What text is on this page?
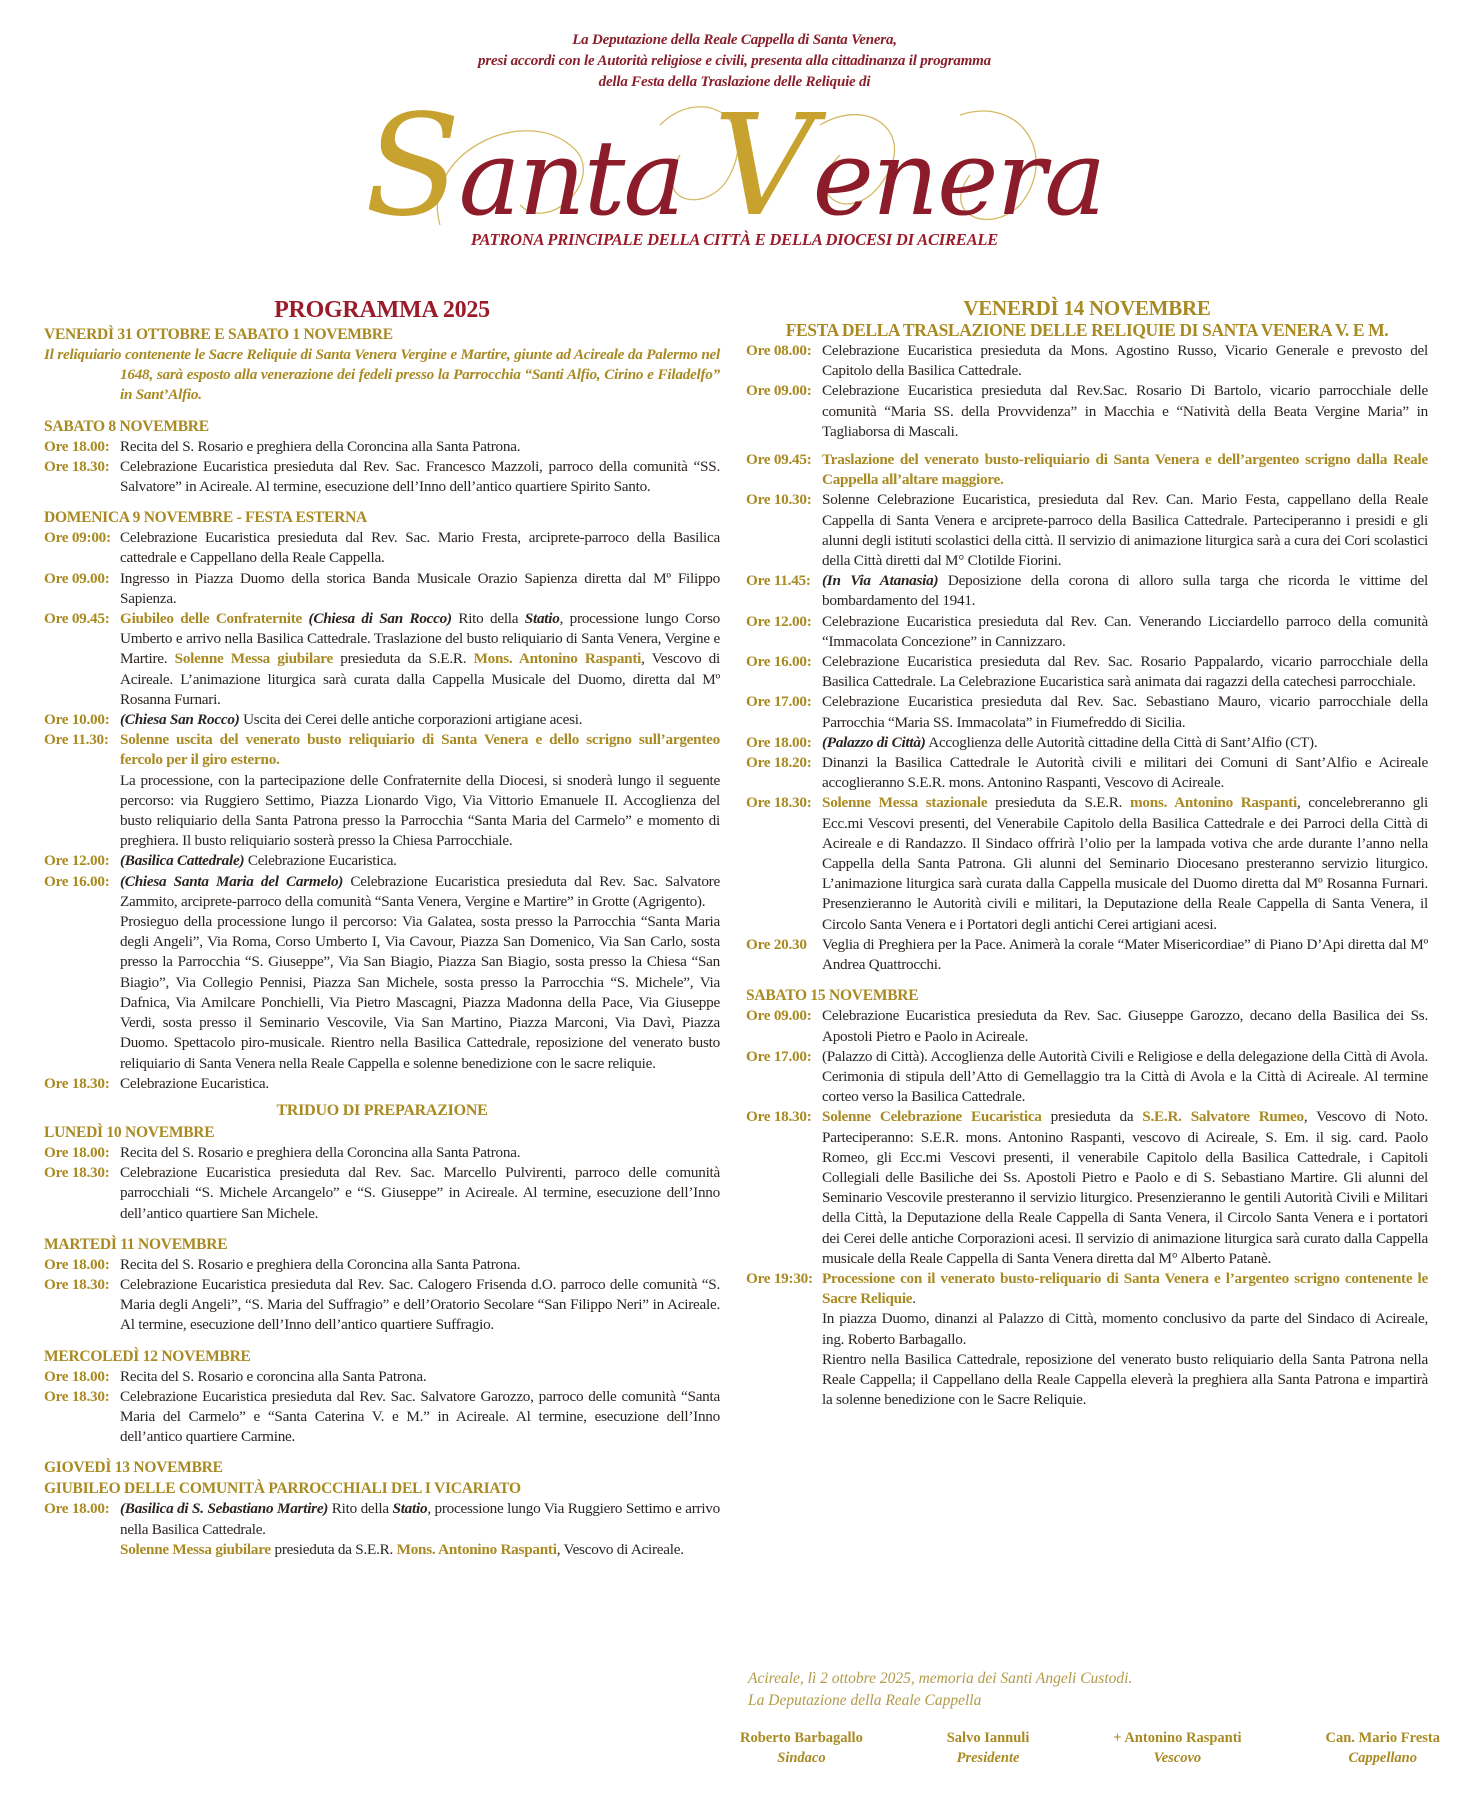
La Deputazione della Reale Cappella di Santa Venera,
presi accordi con le Autorità religiose e civili, presenta alla cittadinanza il programma
della Festa della Traslazione delle Reliquie di
Santa Venera
PATRONA PRINCIPALE DELLA CITTÀ E DELLA DIOCESI DI ACIREALE
PROGRAMMA 2025
VENERDÌ 31 OTTOBRE E SABATO 1 NOVEMBRE
Il reliquiario contenente le Sacre Reliquie di Santa Venera Vergine e Martire, giunte ad Acireale da Palermo nel 1648, sarà esposto alla venerazione dei fedeli presso la Parrocchia “Santi Alfio, Cirino e Filadelfo” in Sant’Alfio.
SABATO 8 NOVEMBRE
Ore 18.00: Recita del S. Rosario e preghiera della Coroncina alla Santa Patrona.
Ore 18.30: Celebrazione Eucaristica presieduta dal Rev. Sac. Francesco Mazzoli, parroco della comunità “SS. Salvatore” in Acireale. Al termine, esecuzione dell’Inno dell’antico quartiere Spirito Santo.
DOMENICA 9 NOVEMBRE - FESTA ESTERNA
Ore 09:00: Celebrazione Eucaristica presieduta dal Rev. Sac. Mario Fresta, arciprete-parroco della Basilica cattedrale e Cappellano della Reale Cappella.
Ore 09.00: Ingresso in Piazza Duomo della storica Banda Musicale Orazio Sapienza diretta dal Mº Filippo Sapienza.
Ore 09.45: Giubileo delle Confraternite (Chiesa di San Rocco) Rito della Statio, processione lungo Corso Umberto e arrivo nella Basilica Cattedrale. Traslazione del busto reliquiario di Santa Venera, Vergine e Martire. Solenne Messa giubilare presieduta da S.E.R. Mons. Antonino Raspanti, Vescovo di Acireale. L’animazione liturgica sarà curata dalla Cappella Musicale del Duomo, diretta dal Mº Rosanna Furnari.
Ore 10.00: (Chiesa San Rocco) Uscita dei Cerei delle antiche corporazioni artigiane acesi.
Ore 11.30: Solenne uscita del venerato busto reliquiario di Santa Venera e dello scrigno sull’argenteo fercolo per il giro esterno.
La processione, con la partecipazione delle Confraternite della Diocesi, si snoderà lungo il seguente percorso: via Ruggiero Settimo, Piazza Lionardo Vigo, Via Vittorio Emanuele II. Accoglienza del busto reliquiario della Santa Patrona presso la Parrocchia “Santa Maria del Carmelo” e momento di preghiera. Il busto reliquiario sosterà presso la Chiesa Parrocchiale.
Ore 12.00: (Basilica Cattedrale) Celebrazione Eucaristica.
Ore 16.00: (Chiesa Santa Maria del Carmelo) Celebrazione Eucaristica presieduta dal Rev. Sac. Salvatore Zammito, arciprete-parroco della comunità “Santa Venera, Vergine e Martire” in Grotte (Agrigento).
Prosieguo della processione lungo il percorso: Via Galatea, sosta presso la Parrocchia “Santa Maria degli Angeli”, Via Roma, Corso Umberto I, Via Cavour, Piazza San Domenico, Via San Carlo, sosta presso la Parrocchia “S. Giuseppe”, Via San Biagio, Piazza San Biagio, sosta presso la Chiesa “San Biagio”, Via Collegio Pennisi, Piazza San Michele, sosta presso la Parrocchia “S. Michele”, Via Dafnica, Via Amilcare Ponchielli, Via Pietro Mascagni, Piazza Madonna della Pace, Via Giuseppe Verdi, sosta presso il Seminario Vescovile, Via San Martino, Piazza Marconi, Via Davì, Piazza Duomo. Spettacolo piro-musicale. Rientro nella Basilica Cattedrale, reposizione del venerato busto reliquiario di Santa Venera nella Reale Cappella e solenne benedizione con le sacre reliquie.
Ore 18.30: Celebrazione Eucaristica.
TRIDUO DI PREPARAZIONE
LUNEDÌ 10 NOVEMBRE
Ore 18.00: Recita del S. Rosario e preghiera della Coroncina alla Santa Patrona.
Ore 18.30: Celebrazione Eucaristica presieduta dal Rev. Sac. Marcello Pulvirenti, parroco delle comunità parrocchiali “S. Michele Arcangelo” e “S. Giuseppe” in Acireale. Al termine, esecuzione dell’Inno dell’antico quartiere San Michele.
MARTEDÌ 11 NOVEMBRE
Ore 18.00: Recita del S. Rosario e preghiera della Coroncina alla Santa Patrona.
Ore 18.30: Celebrazione Eucaristica presieduta dal Rev. Sac. Calogero Frisenda d.O. parroco delle comunità “S. Maria degli Angeli”, “S. Maria del Suffragio” e dell’Oratorio Secolare “San Filippo Neri” in Acireale. Al termine, esecuzione dell’Inno dell’antico quartiere Suffragio.
MERCOLEDÌ 12 NOVEMBRE
Ore 18.00: Recita del S. Rosario e coroncina alla Santa Patrona.
Ore 18.30: Celebrazione Eucaristica presieduta dal Rev. Sac. Salvatore Garozzo, parroco delle comunità “Santa Maria del Carmelo” e “Santa Caterina V. e M.” in Acireale. Al termine, esecuzione dell’Inno dell’antico quartiere Carmine.
GIOVEDÌ 13 NOVEMBRE
GIUBILEO DELLE COMUNITÀ PARROCCHIALI DEL I VICARIATO
Ore 18.00: (Basilica di S. Sebastiano Martire) Rito della Statio, processione lungo Via Ruggiero Settimo e arrivo nella Basilica Cattedrale.
Solenne Messa giubilare presieduta da S.E.R. Mons. Antonino Raspanti, Vescovo di Acireale.
VENERDÌ 14 NOVEMBRE
FESTA DELLA TRASLAZIONE DELLE RELIQUIE DI SANTA VENERA V. E M.
Ore 08.00: Celebrazione Eucaristica presieduta da Mons. Agostino Russo, Vicario Generale e prevosto del Capitolo della Basilica Cattedrale.
Ore 09.00: Celebrazione Eucaristica presieduta dal Rev.Sac. Rosario Di Bartolo, vicario parrocchiale delle comunità “Maria SS. della Provvidenza” in Macchia e “Natività della Beata Vergine Maria” in Tagliaborsa di Mascali.
Ore 09.45: Traslazione del venerato busto-reliquiario di Santa Venera e dell’argenteo scrigno dalla Reale Cappella all’altare maggiore.
Ore 10.30: Solenne Celebrazione Eucaristica, presieduta dal Rev. Can. Mario Festa, cappellano della Reale Cappella di Santa Venera e arciprete-parroco della Basilica Cattedrale. Parteciperanno i presidi e gli alunni degli istituti scolastici della città. Il servizio di animazione liturgica sarà a cura dei Cori scolastici della Città diretti dal M° Clotilde Fiorini.
Ore 11.45: (In Via Atanasia) Deposizione della corona di alloro sulla targa che ricorda le vittime del bombardamento del 1941.
Ore 12.00: Celebrazione Eucaristica presieduta dal Rev. Can. Venerando Licciardello parroco della comunità “Immacolata Concezione” in Cannizzaro.
Ore 16.00: Celebrazione Eucaristica presieduta dal Rev. Sac. Rosario Pappalardo, vicario parrocchiale della Basilica Cattedrale. La Celebrazione Eucaristica sarà animata dai ragazzi della catechesi parrocchiale.
Ore 17.00: Celebrazione Eucaristica presieduta dal Rev. Sac. Sebastiano Mauro, vicario parrocchiale della Parrocchia “Maria SS. Immacolata” in Fiumefreddo di Sicilia.
Ore 18.00: (Palazzo di Città) Accoglienza delle Autorità cittadine della Città di Sant’Alfio (CT).
Ore 18.20: Dinanzi la Basilica Cattedrale le Autorità civili e militari dei Comuni di Sant’Alfio e Acireale accoglieranno S.E.R. mons. Antonino Raspanti, Vescovo di Acireale.
Ore 18.30: Solenne Messa stazionale presieduta da S.E.R. mons. Antonino Raspanti, concelebreranno gli Ecc.mi Vescovi presenti, del Venerabile Capitolo della Basilica Cattedrale e dei Parroci della Città di Acireale e di Randazzo. Il Sindaco offrirà l’olio per la lampada votiva che arde durante l’anno nella Cappella della Santa Patrona. Gli alunni del Seminario Diocesano presteranno servizio liturgico. L’animazione liturgica sarà curata dalla Cappella musicale del Duomo diretta dal Mº Rosanna Furnari. Presenzieranno le Autorità civili e militari, la Deputazione della Reale Cappella di Santa Venera, il Circolo Santa Venera e i Portatori degli antichi Cerei artigiani acesi.
Ore 20.30	Veglia di Preghiera per la Pace. Animerà la corale “Mater Misericordiae” di Piano D’Api diretta dal Mº Andrea Quattrocchi.
SABATO 15 NOVEMBRE
Ore 09.00: Celebrazione Eucaristica presieduta da Rev. Sac. Giuseppe Garozzo, decano della Basilica dei Ss. Apostoli Pietro e Paolo in Acireale.
Ore 17.00: (Palazzo di Città). Accoglienza delle Autorità Civili e Religiose e della delegazione della Città di Avola. Cerimonia di stipula dell’Atto di Gemellaggio tra la Città di Avola e la Città di Acireale. Al termine corteo verso la Basilica Cattedrale.
Ore 18.30: Solenne Celebrazione Eucaristica presieduta da S.E.R. Salvatore Rumeo, Vescovo di Noto. Parteciperanno: S.E.R. mons. Antonino Raspanti, vescovo di Acireale, S. Em. il sig. card. Paolo Romeo, gli Ecc.mi Vescovi presenti, il venerabile Capitolo della Basilica Cattedrale, i Capitoli Collegiali delle Basiliche dei Ss. Apostoli Pietro e Paolo e di S. Sebastiano Martire. Gli alunni del Seminario Vescovile presteranno il servizio liturgico. Presenzieranno le gentili Autorità Civili e Militari della Città, la Deputazione della Reale Cappella di Santa Venera, il Circolo Santa Venera e i portatori dei Cerei delle antiche Corporazioni acesi. Il servizio di animazione liturgica sarà curato dalla Cappella musicale della Reale Cappella di Santa Venera diretta dal M° Alberto Patanè.
Ore 19:30: Processione con il venerato busto-reliquario di Santa Venera e l’argenteo scrigno contenente le Sacre Reliquie.
In piazza Duomo, dinanzi al Palazzo di Città, momento conclusivo da parte del Sindaco di Acireale, ing. Roberto Barbagallo.
Rientro nella Basilica Cattedrale, reposizione del venerato busto reliquiario della Santa Patrona nella Reale Cappella; il Cappellano della Reale Cappella eleverà la preghiera alla Santa Patrona e impartirà la solenne benedizione con le Sacre Reliquie.
Acireale, lì 2 ottobre 2025, memoria dei Santi Angeli Custodi.
La Deputazione della Reale Cappella
Roberto Barbagallo
Sindaco
Salvo Iannuli
Presidente
+ Antonino Raspanti
Vescovo
Can. Mario Fresta
Cappellano
